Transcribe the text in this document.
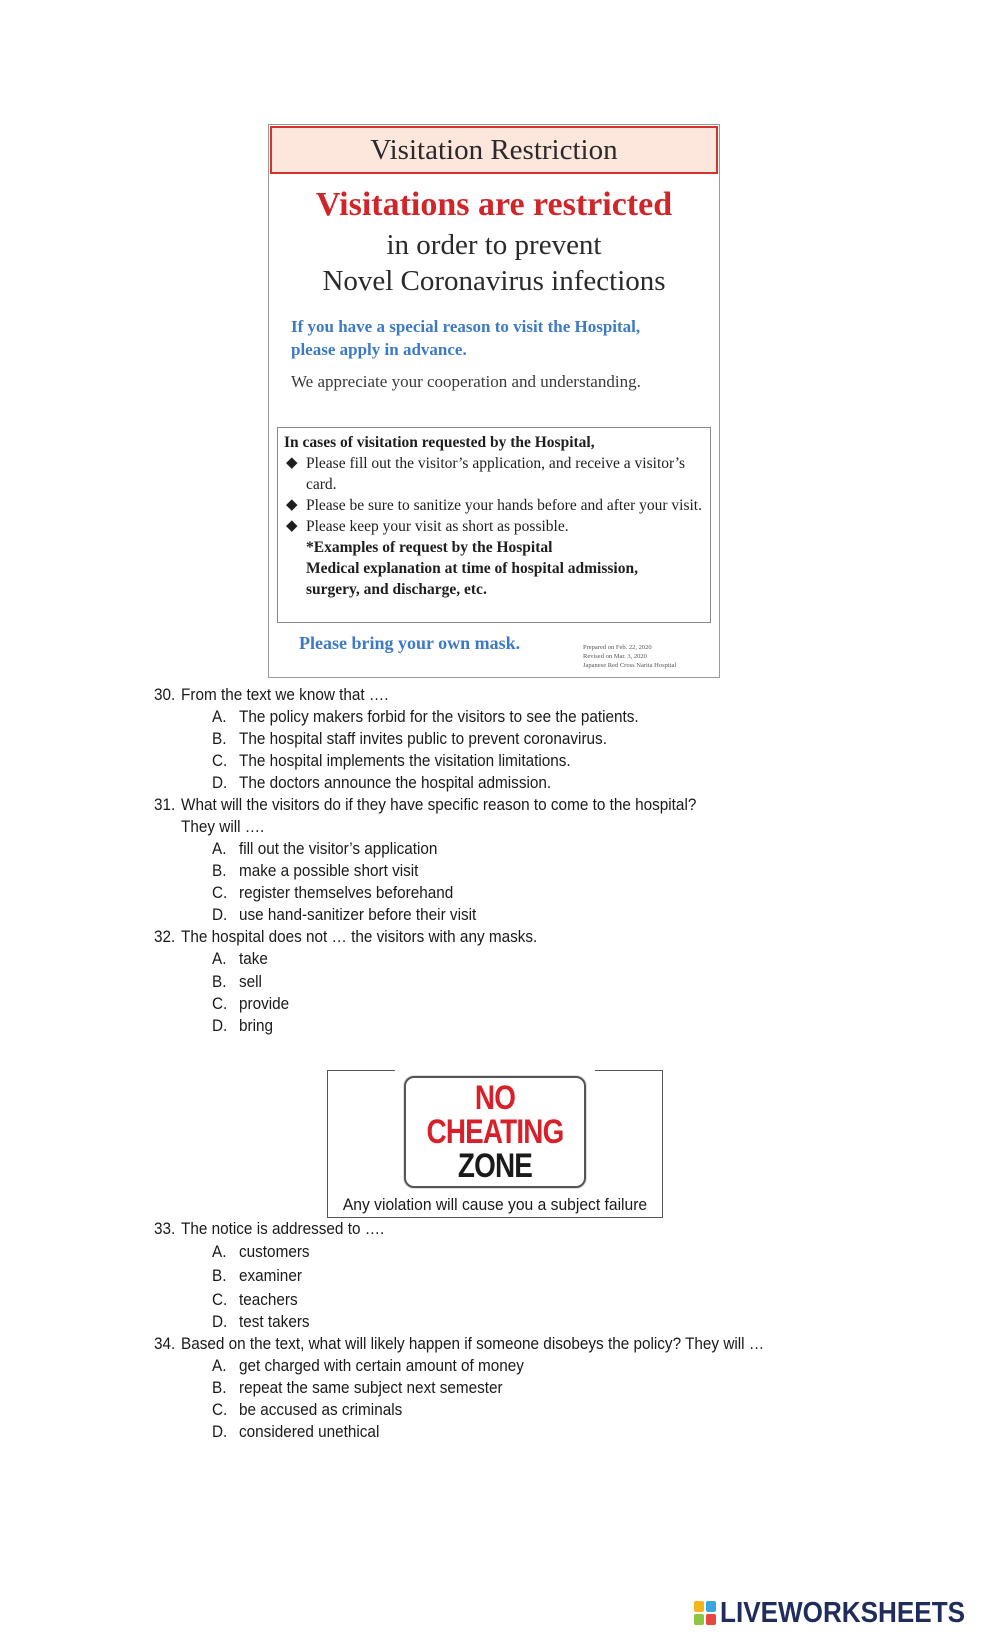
Visitation Restriction
Visitations are restricted
in order to prevent
Novel Coronavirus infections
If you have a special reason to visit the Hospital,
please apply in advance.
We appreciate your cooperation and understanding.
In cases of visitation requested by the Hospital,
◆ Please fill out the visitor’s application, and receive a visitor’s card.
◆ Please be sure to sanitize your hands before and after your visit.
◆ Please keep your visit as short as possible.
*Examples of request by the Hospital
Medical explanation at time of hospital admission,
surgery, and discharge, etc.
Please bring your own mask.	Prepared on Feb. 22, 2020
Revised on Mar. 3, 2020
Japanese Red Cross Narita Hospital
30. From the text we know that ….
A. The policy makers forbid for the visitors to see the patients.
B. The hospital staff invites public to prevent coronavirus.
C. The hospital implements the visitation limitations.
D. The doctors announce the hospital admission.
31. What will the visitors do if they have specific reason to come to the hospital?
They will ….
A. fill out the visitor’s application
B. make a possible short visit
C. register themselves beforehand
D. use hand-sanitizer before their visit
32. The hospital does not … the visitors with any masks.
A. take
B. sell
C. provide
D. bring
NO
CHEATING
ZONE
Any violation will cause you a subject failure
33. The notice is addressed to ….
A. customers
B. examiner
C. teachers
D. test takers
34. Based on the text, what will likely happen if someone disobeys the policy? They will …
A. get charged with certain amount of money
B. repeat the same subject next semester
C. be accused as criminals
D. considered unethical
LIVEWORKSHEETS
